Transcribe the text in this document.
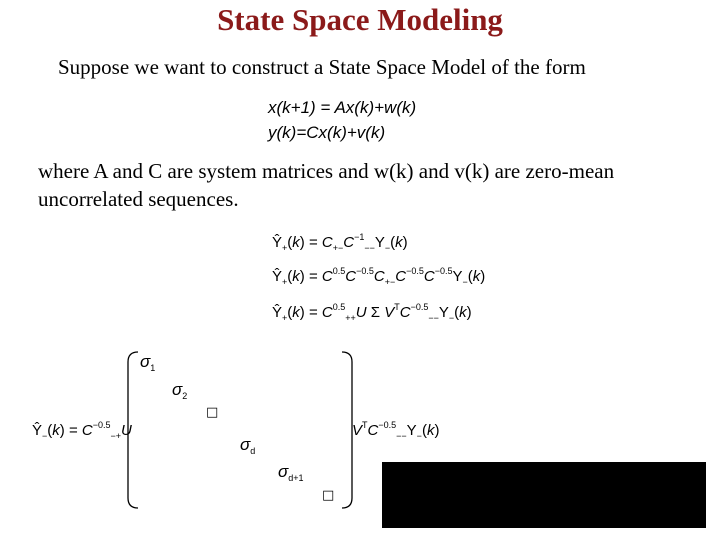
State Space Modeling
Suppose we want to construct a State Space Model of the form
x(k+1) = Ax(k)+w(k)
y(k)=Cx(k)+v(k)
where A and C are system matrices and w(k) and v(k) are zero-mean uncorrelated sequences.
$Ŷ_+(k) = C_{+-}C^{-1}_{--}Y_-(k)$
$Ŷ_+(k) = C^{0.5}C^{-0.5}C_{+-}C^{-0.5}C^{-0.5}Y_-(k)$
$Ŷ_+(k) = C^{0.5}_{++}U$ Σ $V^TC^{-0.5}_{--}Y_-(k)$
$Ŷ_-(k) = C^{-0.5}_{-+}U$
$\sigma_1$
$\sigma_2$
□
$\sigma_d$
$\sigma_{d+1}$
□
$V^TC^{-0.5}_{--}Y_-(k)$
